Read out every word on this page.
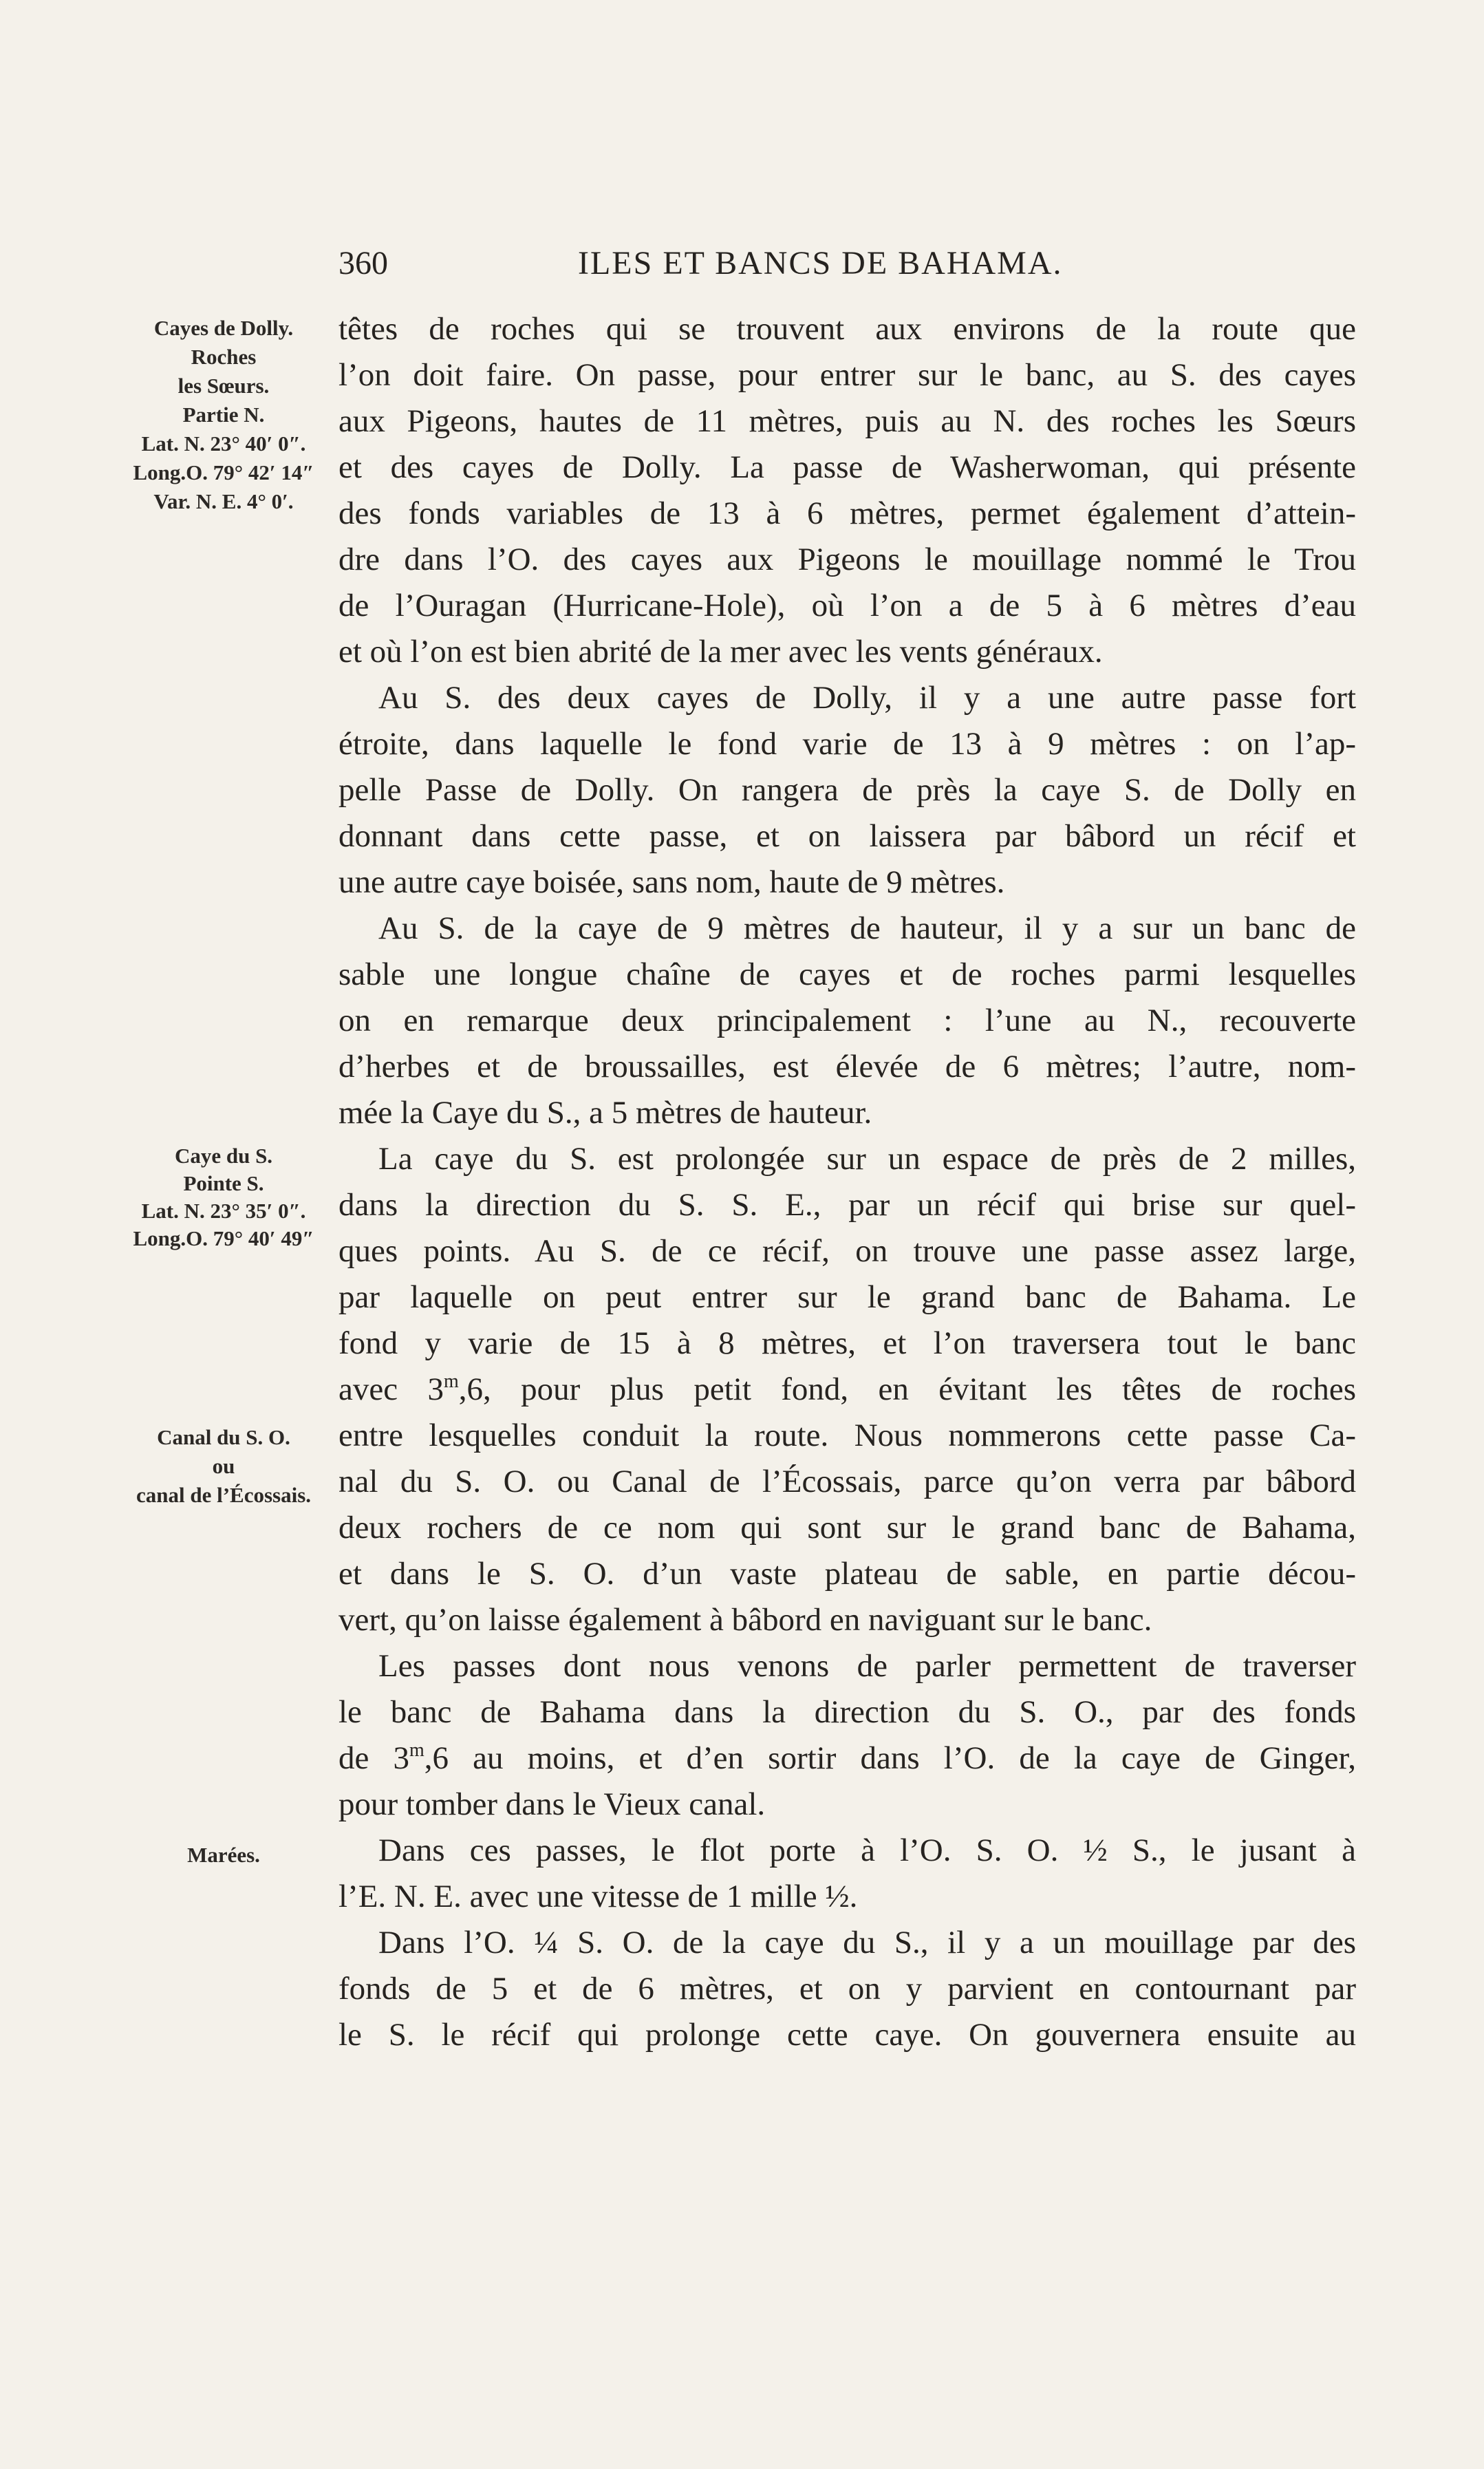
360	ILES ET BANCS DE BAHAMA.
Cayes de Dolly.
Roches
les Sœurs.
Partie N.
Lat. N. 23° 40′ 0″.
Long.O. 79° 42′ 14″
Var. N. E. 4° 0′.
Caye du S.
Pointe S.
Lat. N. 23° 35′ 0″.
Long.O. 79° 40′ 49″
Canal du S. O.
ou
canal de l’Écossais.
Marées.
têtes de roches qui se trouvent aux environs de la route que
l’on doit faire. On passe, pour entrer sur le banc, au S. des cayes
aux Pigeons, hautes de 11 mètres, puis au N. des roches les Sœurs
et des cayes de Dolly. La passe de Washerwoman, qui présente
des fonds variables de 13 à 6 mètres, permet également d’attein-
dre dans l’O. des cayes aux Pigeons le mouillage nommé le Trou
de l’Ouragan (Hurricane-Hole), où l’on a de 5 à 6 mètres d’eau
et où l’on est bien abrité de la mer avec les vents généraux.
Au S. des deux cayes de Dolly, il y a une autre passe fort
étroite, dans laquelle le fond varie de 13 à 9 mètres : on l’ap-
pelle Passe de Dolly. On rangera de près la caye S. de Dolly en
donnant dans cette passe, et on laissera par bâbord un récif et
une autre caye boisée, sans nom, haute de 9 mètres.
Au S. de la caye de 9 mètres de hauteur, il y a sur un banc de
sable une longue chaîne de cayes et de roches parmi lesquelles
on en remarque deux principalement : l’une au N., recouverte
d’herbes et de broussailles, est élevée de 6 mètres; l’autre, nom-
mée la Caye du S., a 5 mètres de hauteur.
La caye du S. est prolongée sur un espace de près de 2 milles,
dans la direction du S. S. E., par un récif qui brise sur quel-
ques points. Au S. de ce récif, on trouve une passe assez large,
par laquelle on peut entrer sur le grand banc de Bahama. Le
fond y varie de 15 à 8 mètres, et l’on traversera tout le banc
avec 3$^m$,6, pour plus petit fond, en évitant les têtes de roches
entre lesquelles conduit la route. Nous nommerons cette passe Ca-
nal du S. O. ou Canal de l’Écossais, parce qu’on verra par bâbord
deux rochers de ce nom qui sont sur le grand banc de Bahama,
et dans le S. O. d’un vaste plateau de sable, en partie décou-
vert, qu’on laisse également à bâbord en naviguant sur le banc.
Les passes dont nous venons de parler permettent de traverser
le banc de Bahama dans la direction du S. O., par des fonds
de 3$^m$,6 au moins, et d’en sortir dans l’O. de la caye de Ginger,
pour tomber dans le Vieux canal.
Dans ces passes, le flot porte à l’O. S. O. ½ S., le jusant à
l’E. N. E. avec une vitesse de 1 mille ½.
Dans l’O. ¼ S. O. de la caye du S., il y a un mouillage par des
fonds de 5 et de 6 mètres, et on y parvient en contournant par
le S. le récif qui prolonge cette caye. On gouvernera ensuite au
